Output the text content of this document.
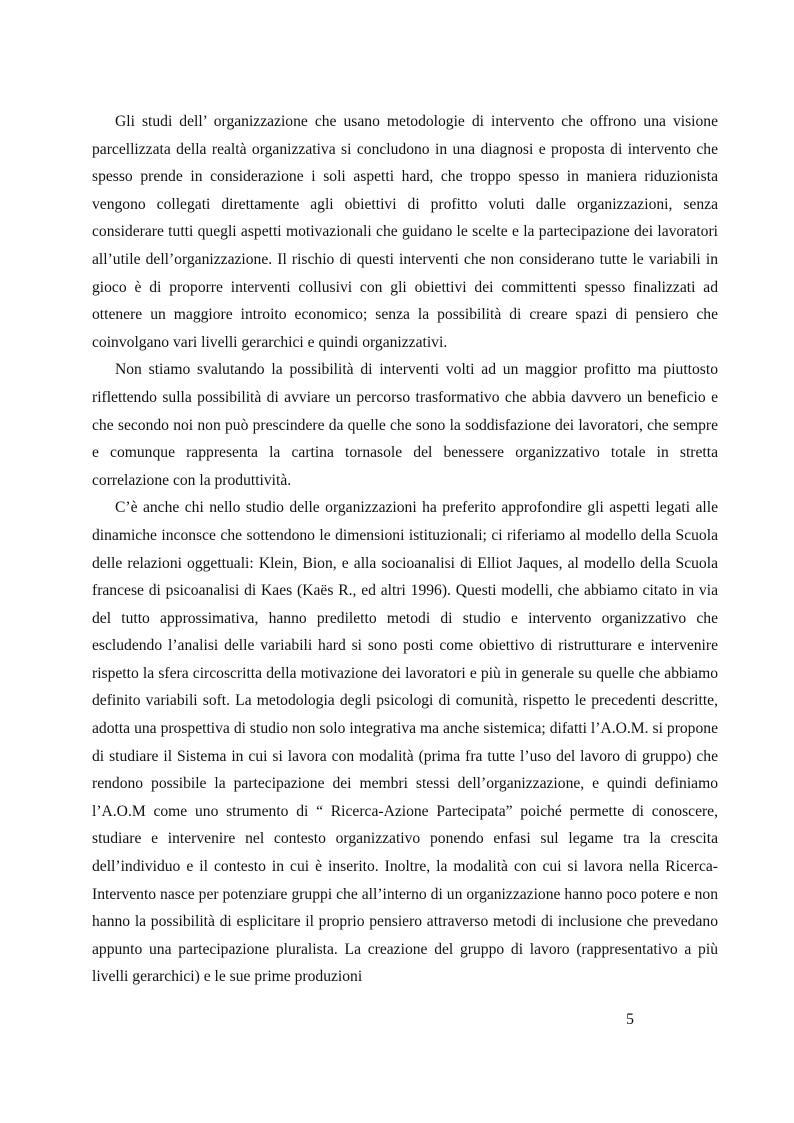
Gli studi dell’ organizzazione che usano metodologie di intervento che offrono una visione parcellizzata della realtà organizzativa si concludono in una diagnosi e proposta di intervento che spesso prende in considerazione i soli aspetti hard, che troppo spesso in maniera riduzionista vengono collegati direttamente agli obiettivi di profitto voluti dalle organizzazioni, senza considerare tutti quegli aspetti motivazionali che guidano le scelte e la partecipazione dei lavoratori all’utile dell’organizzazione. Il rischio di questi interventi che non considerano tutte le variabili in gioco è di proporre interventi collusivi con gli obiettivi dei committenti spesso finalizzati ad ottenere un maggiore introito economico; senza la possibilità di creare spazi di pensiero che coinvolgano vari livelli gerarchici e quindi organizzativi.

Non stiamo svalutando la possibilità di interventi volti ad un maggior profitto ma piuttosto riflettendo sulla possibilità di avviare un percorso trasformativo che abbia davvero un beneficio e che secondo noi non può prescindere da quelle che sono la soddisfazione dei lavoratori, che sempre e comunque rappresenta la cartina tornasole del benessere organizzativo totale in stretta correlazione con la produttività.

C’è anche chi nello studio delle organizzazioni ha preferito approfondire gli aspetti legati alle dinamiche inconsce che sottendono le dimensioni istituzionali; ci riferiamo al modello della Scuola delle relazioni oggettuali: Klein, Bion, e alla socioanalisi di Elliot Jaques, al modello della Scuola francese di psicoanalisi di Kaes (Kaës R., ed altri 1996). Questi modelli, che abbiamo citato in via del tutto approssimativa, hanno prediletto metodi di studio e intervento organizzativo che escludendo l’analisi delle variabili hard si sono posti come obiettivo di ristrutturare e intervenire rispetto la sfera circoscritta della motivazione dei lavoratori e più in generale su quelle che abbiamo definito variabili soft. La metodologia degli psicologi di comunità, rispetto le precedenti descritte, adotta una prospettiva di studio non solo integrativa ma anche sistemica; difatti l’A.O.M. si propone di studiare il Sistema in cui si lavora con modalità (prima fra tutte l’uso del lavoro di gruppo) che rendono possibile la partecipazione dei membri stessi dell’organizzazione, e quindi definiamo l’A.O.M come uno strumento di “ Ricerca-Azione Partecipata” poiché permette di conoscere, studiare e intervenire nel contesto organizzativo ponendo enfasi sul legame tra la crescita dell’individuo e il contesto in cui è inserito. Inoltre, la modalità con cui si lavora nella Ricerca-Intervento nasce per potenziare gruppi che all’interno di un organizzazione hanno poco potere e non hanno la possibilità di esplicitare il proprio pensiero attraverso metodi di inclusione che prevedano appunto una partecipazione pluralista. La creazione del gruppo di lavoro (rappresentativo a più livelli gerarchici) e le sue prime produzioni

5
